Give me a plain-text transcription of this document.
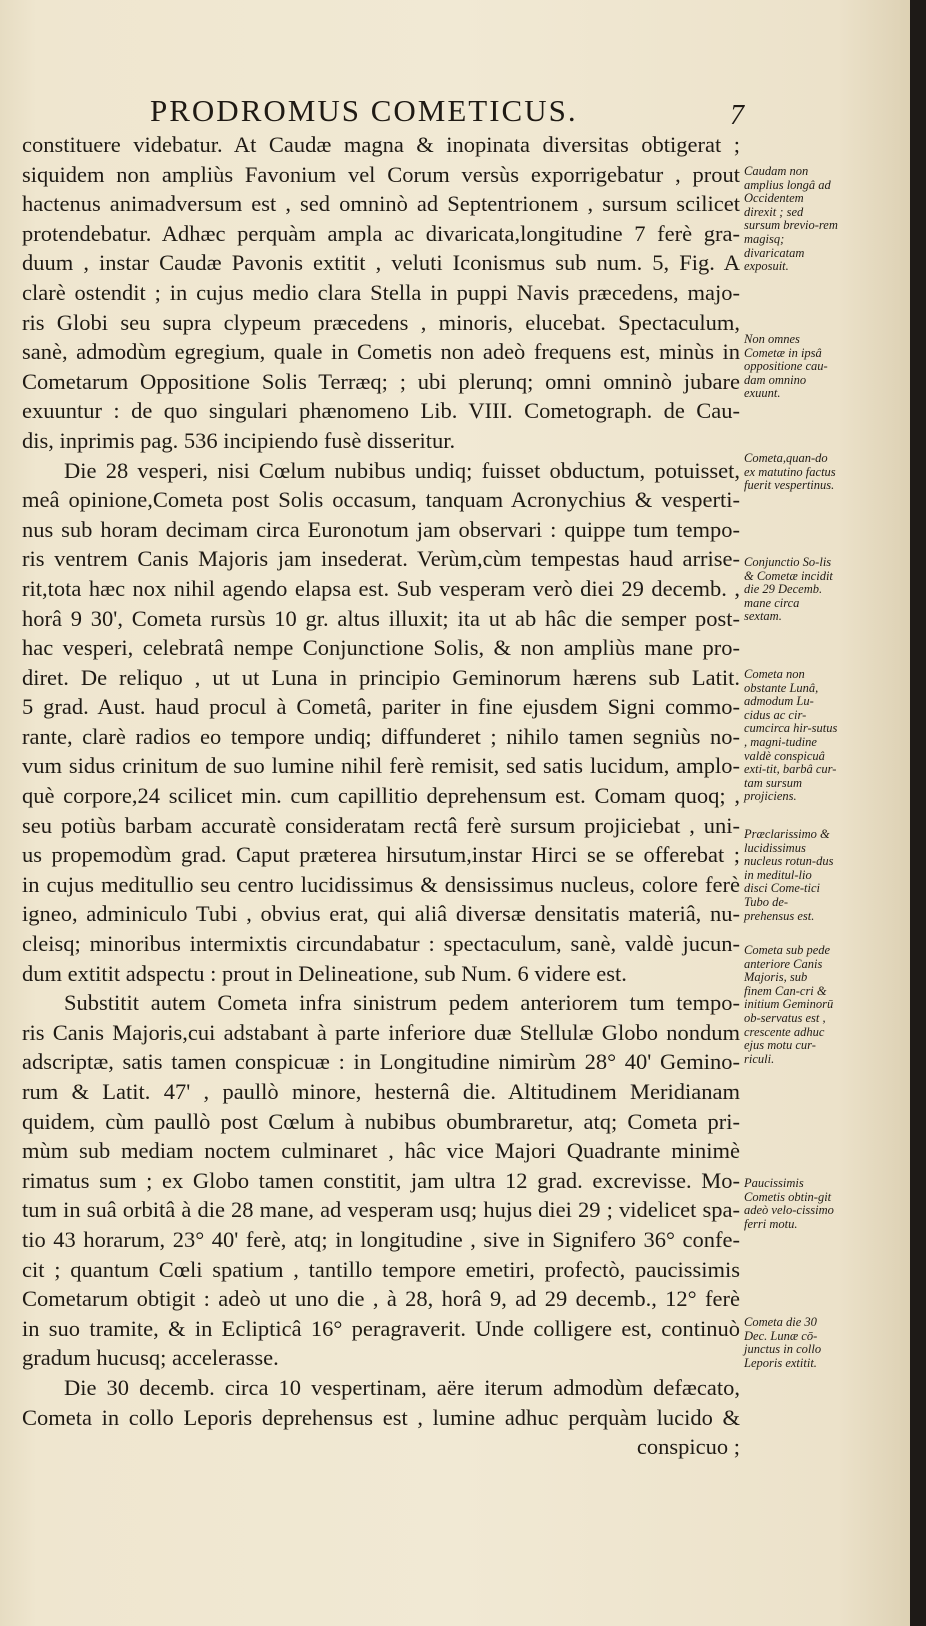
PRODROMUS COMETICUS.	7

constituere videbatur. At Caudæ magna & inopinata diversitas obtigerat ;

siquidem non ampliùs Favonium vel Corum versùs exporrigebatur , prout

hactenus animadversum est , sed omninò ad Septentrionem , sursum scilicet

protendebatur. Adhæc perquàm ampla ac divaricata,longitudine 7 ferè gra-

duum , instar Caudæ Pavonis extitit , veluti Iconismus sub num. 5, Fig. A

clarè ostendit ; in cujus medio clara Stella in puppi Navis præcedens, majo-

ris Globi seu supra clypeum præcedens , minoris, elucebat. Spectaculum,

sanè, admodùm egregium, quale in Cometis non adeò frequens est, minùs in

Cometarum Oppositione Solis Terræq; ; ubi plerunq; omni omninò jubare

exuuntur : de quo singulari phænomeno Lib. VIII. Cometograph. de Cau-

dis, inprimis pag. 536 incipiendo fusè disseritur.

Die 28 vesperi, nisi Cœlum nubibus undiq; fuisset obductum, potuisset,

meâ opinione,Cometa post Solis occasum, tanquam Acronychius & vesperti-

nus sub horam decimam circa Euronotum jam observari : quippe tum tempo-

ris ventrem Canis Majoris jam insederat. Verùm,cùm tempestas haud arrise-

rit,tota hæc nox nihil agendo elapsa est. Sub vesperam verò diei 29 decemb. ,

horâ 9 30', Cometa rursùs 10 gr. altus illuxit; ita ut ab hâc die semper post-

hac vesperi, celebratâ nempe Conjunctione Solis, & non ampliùs mane pro-

diret. De reliquo , ut ut Luna in principio Geminorum hærens sub Latit.

5 grad. Aust. haud procul à Cometâ, pariter in fine ejusdem Signi commo-

rante, clarè radios eo tempore undiq; diffunderet ; nihilo tamen segniùs no-

vum sidus crinitum de suo lumine nihil ferè remisit, sed satis lucidum, amplo-

què corpore,24 scilicet min. cum capillitio deprehensum est. Comam quoq; ,

seu potiùs barbam accuratè consideratam rectâ ferè sursum projiciebat , uni-

us propemodùm grad. Caput præterea hirsutum,instar Hirci se se offerebat ;

in cujus meditullio seu centro lucidissimus & densissimus nucleus, colore ferè

igneo, adminiculo Tubi , obvius erat, qui aliâ diversæ densitatis materiâ, nu-

cleisq; minoribus intermixtis circundabatur : spectaculum, sanè, valdè jucun-

dum extitit adspectu : prout in Delineatione, sub Num. 6 videre est.

Substitit autem Cometa infra sinistrum pedem anteriorem tum tempo-

ris Canis Majoris,cui adstabant à parte inferiore duæ Stellulæ Globo nondum

adscriptæ, satis tamen conspicuæ : in Longitudine nimirùm 28° 40' Gemino-

rum & Latit. 47' , paullò minore, hesternâ die. Altitudinem Meridianam

quidem, cùm paullò post Cœlum à nubibus obumbraretur, atq; Cometa pri-

mùm sub mediam noctem culminaret , hâc vice Majori Quadrante minimè

rimatus sum ; ex Globo tamen constitit, jam ultra 12 grad. excrevisse. Mo-

tum in suâ orbitâ à die 28 mane, ad vesperam usq; hujus diei 29 ; videlicet spa-

tio 43 horarum, 23° 40' ferè, atq; in longitudine , sive in Signifero 36° confe-

cit ; quantum Cœli spatium , tantillo tempore emetiri, profectò, paucissimis

Cometarum obtigit : adeò ut uno die , à 28, horâ 9, ad 29 decemb., 12° ferè

in suo tramite, & in Eclipticâ 16° peragraverit. Unde colligere est, continuò

gradum hucusq; accelerasse.

Die 30 decemb. circa 10 vespertinam, aëre iterum admodùm defæcato,

Cometa in collo Leporis deprehensus est , lumine adhuc perquàm lucido &

conspicuo ;

Caudam non amplius longâ ad Occidentem direxit ; sed sursum brevio-rem magisq; divaricatam exposuit.
Non omnes Cometæ in ipsâ oppositione cau-dam omnino exuunt.
Cometa,quan-do ex matutino factus fuerit vespertinus.
Conjunctio So-lis & Cometæ incidit die 29 Decemb. mane circa sextam.
Cometa non obstante Lunâ, admodum Lu-cidus ac cir-cumcirca hir-sutus , magni-tudine valdè conspicuâ exti-tit, barbâ cur-tam sursum projiciens.
Præclarissimo & lucidissimus nucleus rotun-dus in meditul-lio disci Come-tici Tubo de-prehensus est.
Cometa sub pede anteriore Canis Majoris, sub finem Can-cri & initium Geminorū ob-servatus est , crescente adhuc ejus motu cur-riculi.
Paucissimis Cometis obtin-git adeò velo-cissimo ferri motu.
Cometa die 30 Dec. Lunæ cō-junctus in collo Leporis extitit.
